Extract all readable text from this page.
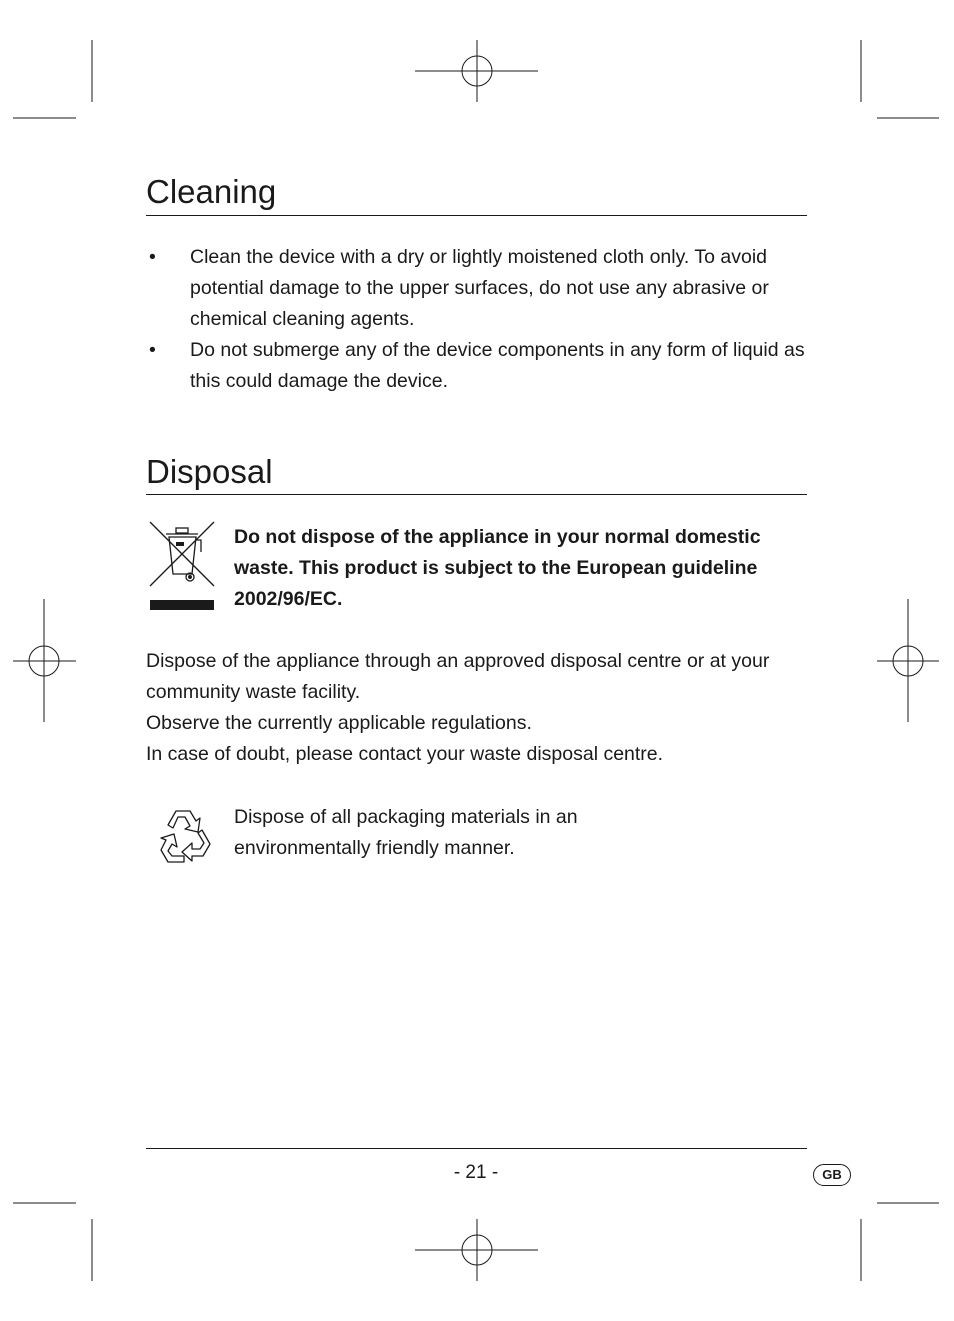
Cleaning
• Clean the device with a dry or lightly moistened cloth only. To avoid potential damage to the upper surfaces, do not use any abrasive or chemical cleaning agents.
• Do not submerge any of the device components in any form of liquid as this could damage the device.
Disposal
Do not dispose of the appliance in your normal domestic waste. This product is subject to the European guideline 2002/96/EC.

Dispose of the appliance through an approved disposal centre or at your community waste facility.

Observe the currently applicable regulations.

In case of doubt, please contact your waste disposal centre.

Dispose of all packaging materials in an environmentally friendly manner.
- 21 -	GB
